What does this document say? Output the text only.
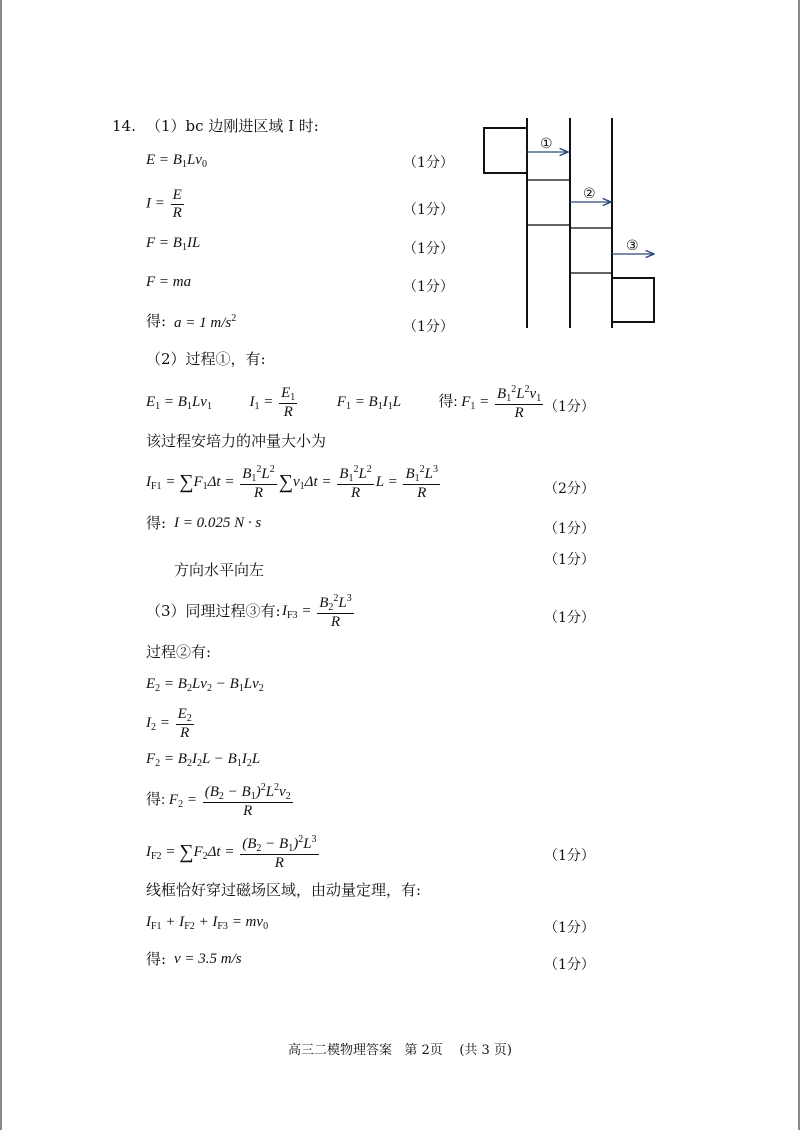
14. （1）bc 边刚进区域 I 时:
$E = B_1Lv_0$	（1分）
$I = \frac{E}{R}$	（1分）
$F = B_1IL$	（1分）
F = ma	（1分）
得: a = 1 $m/s^2$
（1分）
①
②
③
（2）过程①，有:
$E_1 = B_1Lv_1$  $I_1 = \frac{E_1}{R} F_1 = B_1I_1L$  得: $F_1 = \frac{B_1^2L^2v_1}{R} (1$分）
该过程安培力的冲量大小为
$I_{F1} = \sum F_1\Delta t = \frac{B_1^2L^2}{R} \sum v_1\Delta t = \frac{B_1^2L^2}{R}$ $L = \frac{B_1^2L^3}{R}$	（2分）
得: I = 0.025 N · s	（1分）
（1分）
方向水平向左
（3）同理过程③有: $I_{F3} = \frac{B_2^2L^3}{R}$	（1分）
过程②有:
$E_2 = B_2Lv_2 - B_1Lv_2$
$I_2 = \frac{E_2}{R}$
$F_2 = B_2I_2L - B_1I_2L$
得: $F_2 = \frac{(B_2 - B_1)^2L^2v_2}{R}$
$I_{F2} = \sum F_2\Delta t = \frac{(B_2 - B_1)^2L^3}{R}$	（1分）
线框恰好穿过磁场区域，由动量定理，有:
$I_{F1} + I_{F2} + I_{F3} = mv_0$	（1分）
得: v = 3.5 m/s	（1分）
高三二模物理答案   第 2页    (共 3 页)
